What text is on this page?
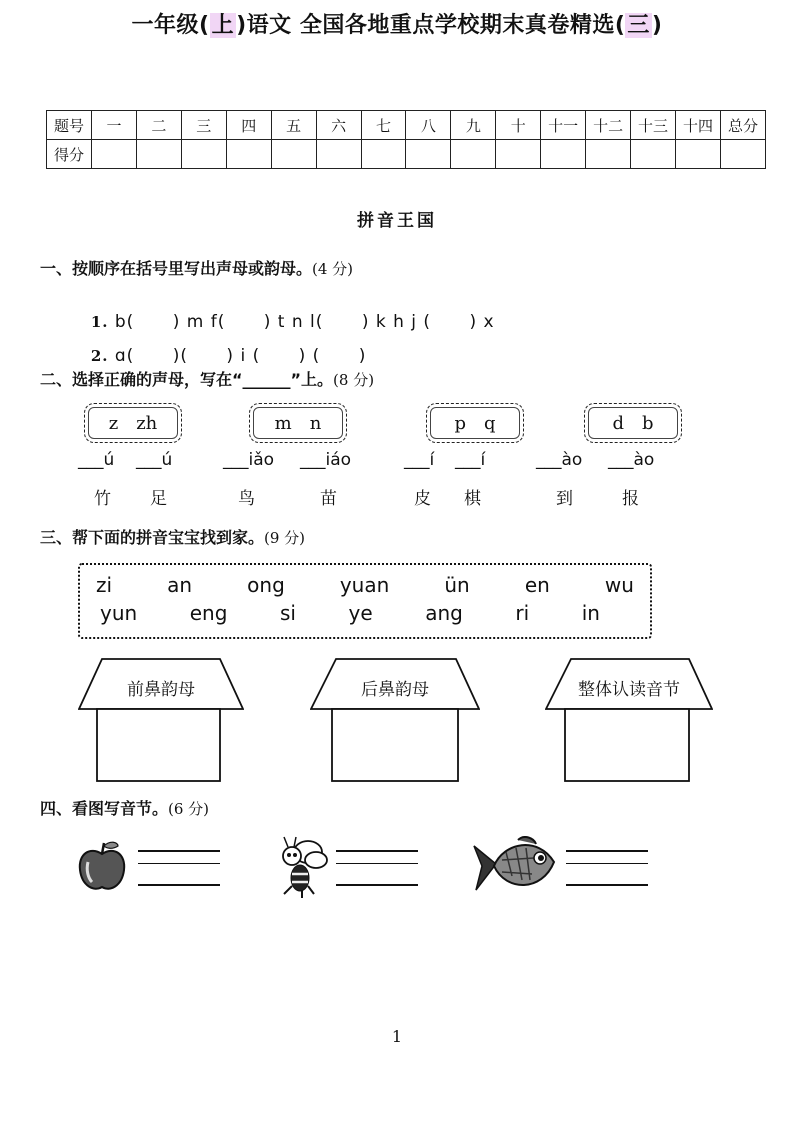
一年级(上)语文 全国各地重点学校期末真卷精选(三)
题号	一	二	三	四	五	六	七	八	九	十	十一	十二	十三	十四	总分
得分															
拼音王国
一、按顺序在括号里写出声母或韵母。(4 分)

1. b(      ) m f(      ) t n l(      ) k h j (      ) x

2. ɑ(      )(      ) i (      ) (      )

二、选择正确的声母，写在“______”上。(8 分)
z zh	m n	p q	d b
___ú ___ú	___iǎo ___iáo	___í ___í	___ào ___ào
竹 足	鸟	苗	皮 棋	到	报
三、帮下面的拼音宝宝找到家。(9 分)
zi	an	ong	yuan	ün	en	wu
yun	eng	si	ye	ang	ri	in
前鼻韵母	后鼻韵母	整体认读音节
四、看图写音节。(6 分)
1
